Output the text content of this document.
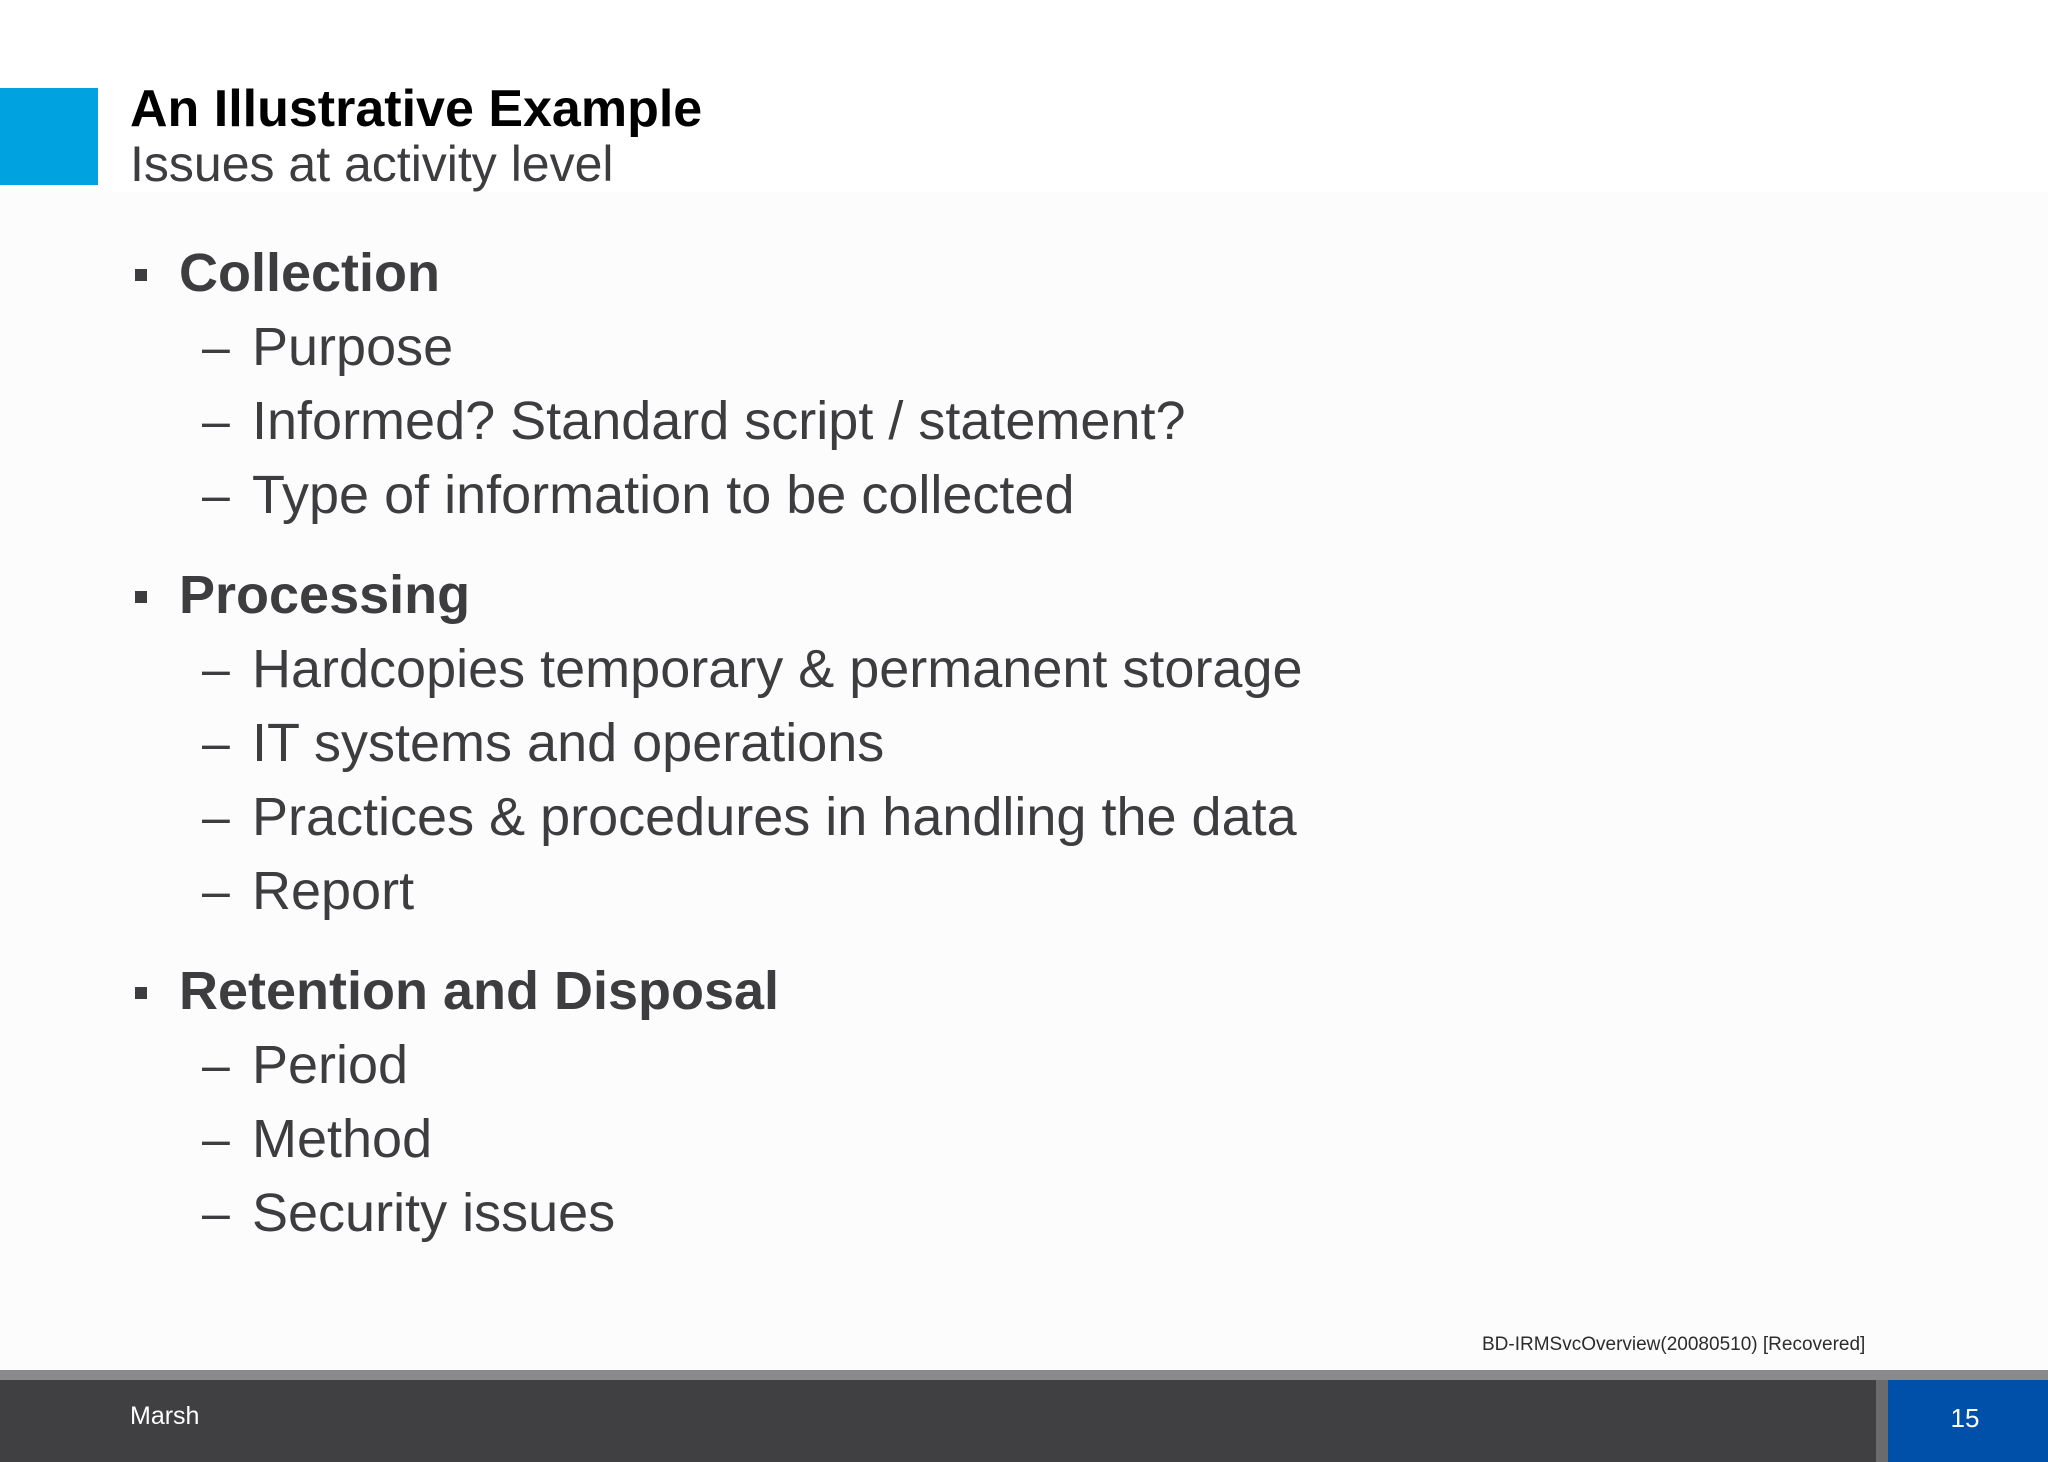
An Illustrative Example
Issues at activity level
Collection
– Purpose
– Informed? Standard script / statement?
– Type of information to be collected
Processing
– Hardcopies temporary & permanent storage
– IT systems and operations
– Practices & procedures in handling the data
– Report
Retention and Disposal
– Period
– Method
– Security issues
BD-IRMSvcOverview(20080510) [Recovered]
Marsh	15
